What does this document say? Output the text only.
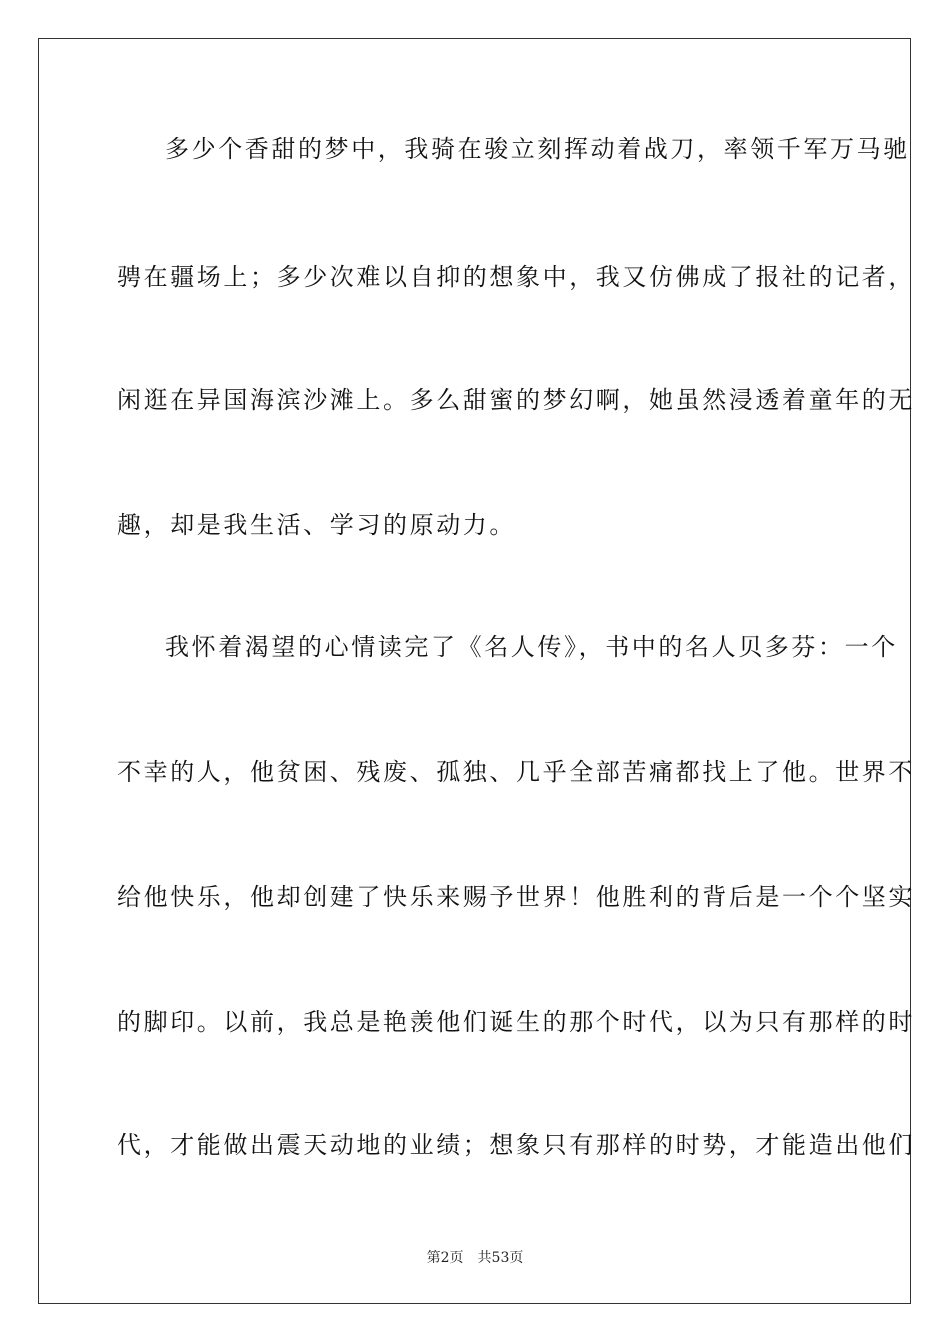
多少个香甜的梦中，我骑在骏立刻挥动着战刀，率领千军万马驰
骋在疆场上；多少次难以自抑的想象中，我又仿佛成了报社的记者，
闲逛在异国海滨沙滩上。多么甜蜜的梦幻啊，她虽然浸透着童年的无
趣，却是我生活、学习的原动力。
我怀着渴望的心情读完了《名人传》，书中的名人贝多芬：一个
不幸的人，他贫困、残废、孤独、几乎全部苦痛都找上了他。世界不
给他快乐，他却创建了快乐来赐予世界！他胜利的背后是一个个坚实
的脚印。以前，我总是艳羡他们诞生的那个时代，以为只有那样的时
代，才能做出震天动地的业绩；想象只有那样的时势，才能造出他们
第2页 共53页
